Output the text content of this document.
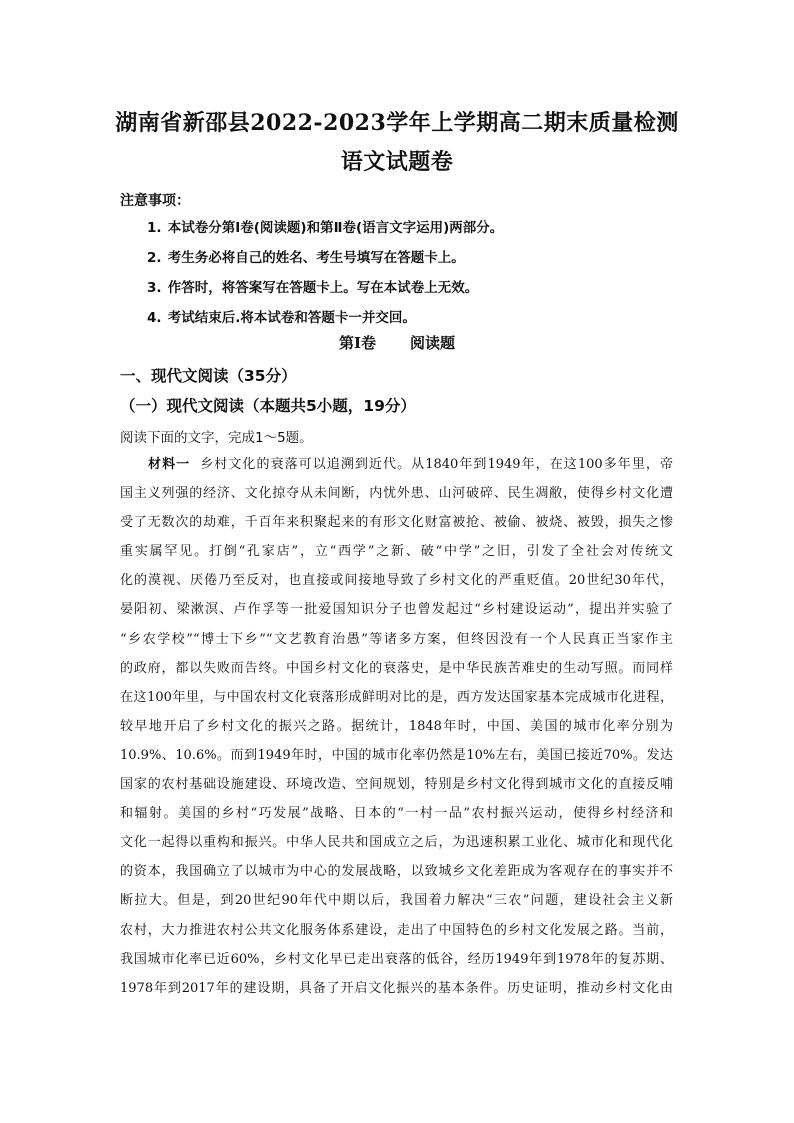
湖南省新邵县2022-2023学年上学期高二期末质量检测
语文试题卷
注意事项：
1. 本试卷分第Ⅰ卷(阅读题)和第Ⅱ卷(语言文字运用)两部分。
2. 考生务必将自己的姓名、考生号填写在答题卡上。
3. 作答时，将答案写在答题卡上。写在本试卷上无效。
4. 考试结束后.将本试卷和答题卡一并交回。
第Ⅰ卷 阅读题
一、现代文阅读（35分）
（一）现代文阅读（本题共5小题，19分）
阅读下面的文字，完成1～5题。
材料一 乡村文化的衰落可以追溯到近代。从1840年到1949年，在这100多年里，帝
国主义列强的经济、文化掠夺从未间断，内忧外患、山河破碎、民生凋敝，使得乡村文化遭
受了无数次的劫难，千百年来积聚起来的有形文化财富被抢、被偷、被烧、被毁，损失之惨
重实属罕见。打倒“孔家店”，立“西学”之新、破“中学”之旧，引发了全社会对传统文
化的漠视、厌倦乃至反对，也直接或间接地导致了乡村文化的严重贬值。20世纪30年代，
晏阳初、梁漱溟、卢作孚等一批爱国知识分子也曾发起过“乡村建设运动”，提出并实验了
“乡农学校”“博士下乡”“文艺教育治愚”等诸多方案，但终因没有一个人民真正当家作主
的政府，都以失败而告终。中国乡村文化的衰落史，是中华民族苦难史的生动写照。而同样
在这100年里，与中国农村文化衰落形成鲜明对比的是，西方发达国家基本完成城市化进程，
较早地开启了乡村文化的振兴之路。据统计，1848年时，中国、美国的城市化率分别为
10.9%、10.6%。而到1949年时，中国的城市化率仍然是10%左右，美国已接近70%。发达
国家的农村基础设施建设、环境改造、空间规划，特别是乡村文化得到城市文化的直接反哺
和辐射。美国的乡村“巧发展”战略、日本的“一村一品”农村振兴运动，使得乡村经济和
文化一起得以重构和振兴。中华人民共和国成立之后，为迅速积累工业化、城市化和现代化
的资本，我国确立了以城市为中心的发展战略，以致城乡文化差距成为客观存在的事实并不
断拉大。但是，到20世纪90年代中期以后，我国着力解决“三农”问题，建设社会主义新
农村，大力推进农村公共文化服务体系建设，走出了中国特色的乡村文化发展之路。当前，
我国城市化率已近60%，乡村文化早已走出衰落的低谷，经历1949年到1978年的复苏期、
1978年到2017年的建设期，具备了开启文化振兴的基本条件。历史证明，推动乡村文化由
